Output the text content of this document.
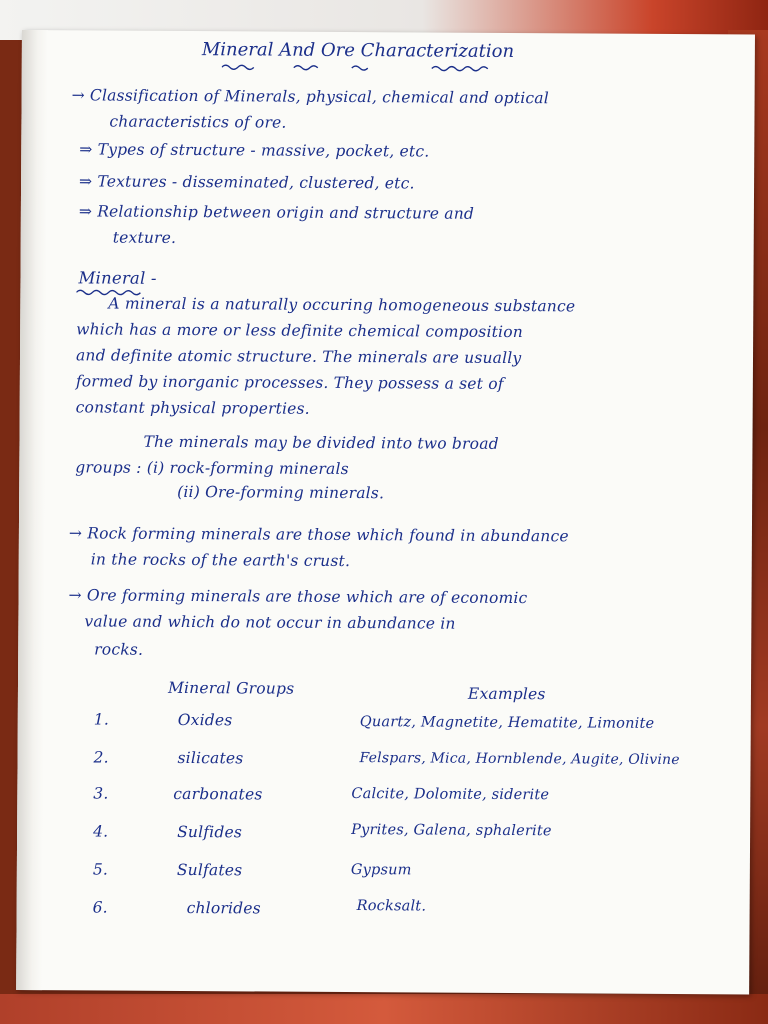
Mineral And Ore Characterization
→ Classification of Minerals, physical, chemical and optical
characteristics of ore.
⇒ Types of structure - massive, pocket, etc.
⇒ Textures - disseminated, clustered, etc.
⇒ Relationship between origin and structure and
texture.
Mineral -
A mineral is a naturally occuring homogeneous substance
which has a more or less definite chemical composition
and definite atomic structure. The minerals are usually
formed by inorganic processes. They possess a set of
constant physical properties.
The minerals may be divided into two broad
groups : (i) rock-forming minerals
(ii) Ore-forming minerals.
→ Rock forming minerals are those which found in abundance
in the rocks of the earth's crust.
→ Ore forming minerals are those which are of economic
value and which do not occur in abundance in
rocks.
Mineral Groups	Examples
1.	Oxides	Quartz, Magnetite, Hematite, Limonite
2.	silicates	Felspars, Mica, Hornblende, Augite, Olivine
3.	carbonates	Calcite, Dolomite, siderite
4.	Sulfides	Pyrites, Galena, sphalerite
5.	Sulfates	Gypsum
6.	chlorides	Rocksalt.
